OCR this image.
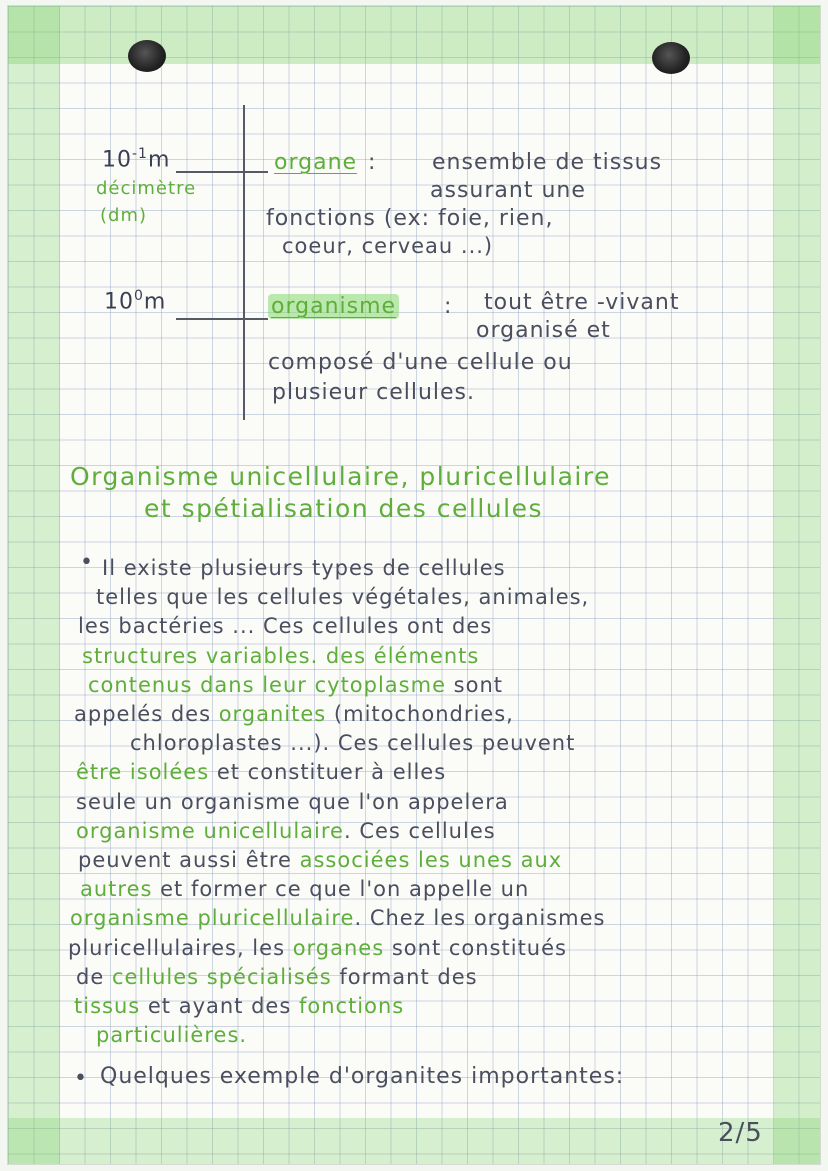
$10^{-1}m$
décimètre
(dm)
organe :	ensemble de tissus
assurant une
fonctions (ex: foie, rien,
coeur, cerveau ...)
$10^0m$	organisme : tout être -vivant
organisé et
composé d'une cellule ou
plusieur cellules.
Organisme unicellulaire, pluricellulaire
et spétialisation des cellules
• Il existe plusieurs types de cellules
telles que les cellules végétales, animales,
les bactéries ... Ces cellules ont des
structures variables. des éléments
contenus dans leur cytoplasme sont
appelés des organites (mitochondries,
chloroplastes ...). Ces cellules peuvent
être isolées et constituer à elles
seule un organisme que l'on appelera
organisme unicellulaire. Ces cellules
peuvent aussi être associées les unes aux
autres et former ce que l'on appelle un
organisme pluricellulaire. Chez les organismes
pluricellulaires, les organes sont constitués
de cellules spécialisés formant des
tissus et ayant des fonctions
particulières.
• Quelques exemple d'organites importantes:
2/5
